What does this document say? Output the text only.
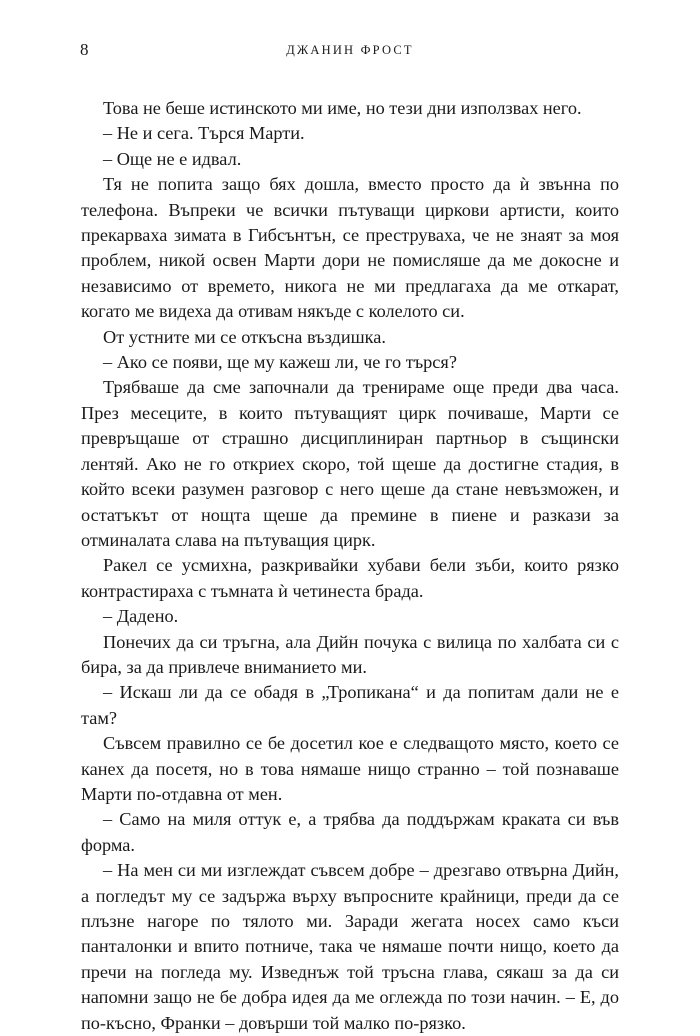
8	ДЖАНИН ФРОСТ

Това не беше истинското ми име, но тези дни използвах него.

– Не и сега. Търся Марти.

– Още не е идвал.

Тя не попита защо бях дошла, вместо просто да ѝ звънна по телефона. Въпреки че всички пътуващи циркови артисти, които прекарваха зимата в Гибсънтън, се преструваха, че не знаят за моя проблем, никой освен Марти дори не помисляше да ме докосне и независимо от времето, никога не ми предлагаха да ме откарат, когато ме видеха да отивам някъде с колелото си.

От устните ми се откъсна въздишка.

– Ако се появи, ще му кажеш ли, че го търся?

Трябваше да сме започнали да тренираме още преди два часа. През месеците, в които пътуващият цирк почиваше, Марти се превръщаше от страшно дисциплиниран партньор в същински лентяй. Ако не го откриех скоро, той щеше да достигне стадия, в който всеки разумен разговор с него щеше да стане невъзможен, и остатъкът от нощта щеше да премине в пиене и разкази за отминалата слава на пътуващия цирк.

Ракел се усмихна, разкривайки хубави бели зъби, които рязко контрастираха с тъмната ѝ четинеста брада.

– Дадено.

Понечих да си тръгна, ала Дийн почука с вилица по халбата си с бира, за да привлече вниманието ми.

– Искаш ли да се обадя в „Тропикана“ и да попитам дали не е там?

Съвсем правилно се бе досетил кое е следващото място, което се канех да посетя, но в това нямаше нищо странно – той познаваше Марти по-отдавна от мен.

– Само на миля оттук е, а трябва да поддържам краката си във форма.

– На мен си ми изглеждат съвсем добре – дрезгаво отвърна Дийн, а погледът му се задържа върху въпросните крайници, преди да се плъзне нагоре по тялото ми. Заради жегата носех само къси панталонки и впито потниче, така че нямаше почти нищо, което да пречи на погледа му. Изведнъж той тръсна глава, сякаш за да си напомни защо не бе добра идея да ме оглежда по този начин. – Е, до по-късно, Франки – довърши той малко по-рязко.
